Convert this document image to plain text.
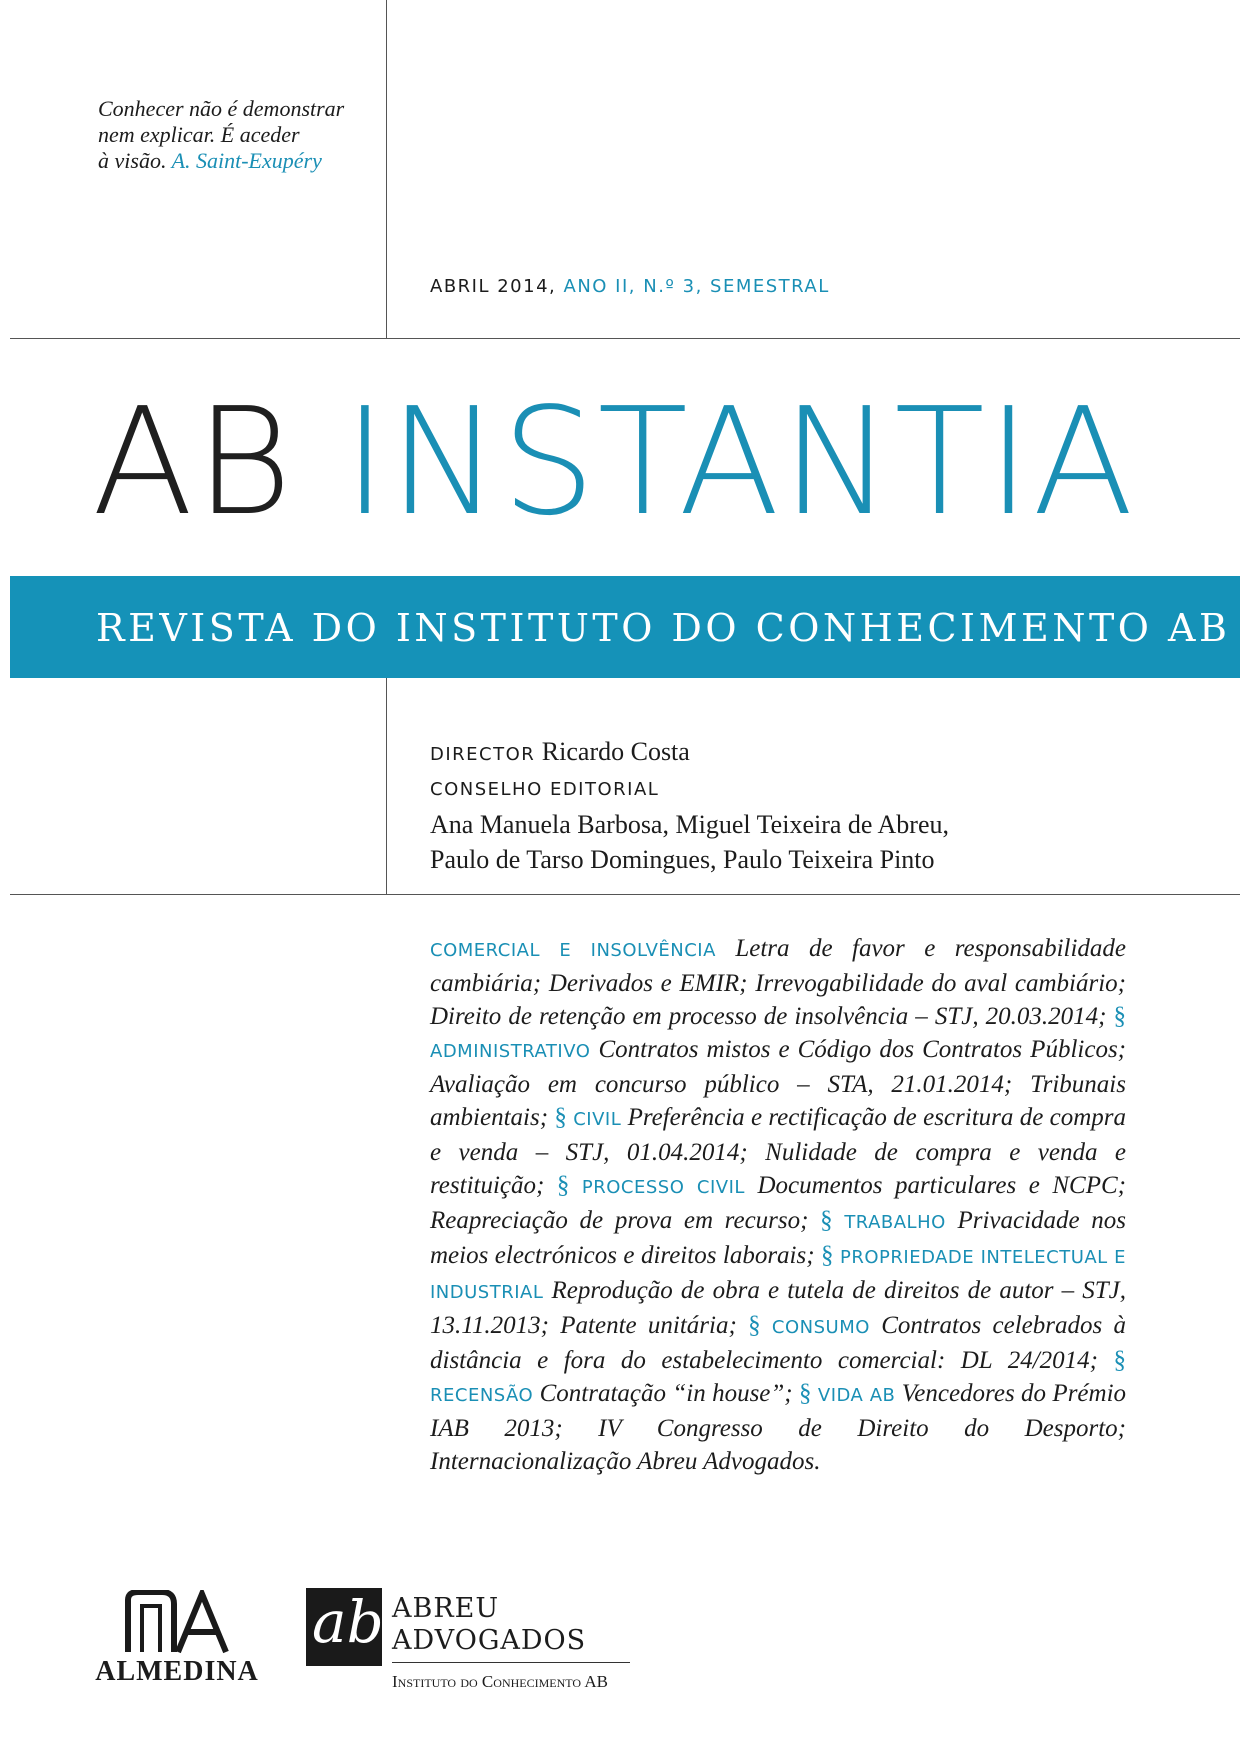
Conhecer não é demonstrar
nem explicar. É aceder
à visão. A. Saint-Exupéry
ABRIL 2014, ANO II, N.º 3, SEMESTRAL
AB INSTANTIA
REVISTA DO INSTITUTO DO CONHECIMENTO AB
DIRECTOR Ricardo Costa
CONSELHO EDITORIAL
Ana Manuela Barbosa, Miguel Teixeira de Abreu,
Paulo de Tarso Domingues, Paulo Teixeira Pinto
COMERCIAL E INSOLVÊNCIA Letra de favor e responsabilidade cambiária; Derivados e EMIR; Irrevogabilidade do aval cambiário; Direito de retenção em processo de insolvência – STJ, 20.03.2014; § ADMINISTRATIVO Contratos mistos e Código dos Contratos Públicos; Avaliação em concurso público – STA, 21.01.2014; Tribunais ambientais; § CIVIL Preferência e rectificação de escritura de compra e venda – STJ, 01.04.2014; Nulidade de compra e venda e restituição; § PROCESSO CIVIL Documentos particulares e NCPC; Reapreciação de prova em recurso; § TRABALHO Privacidade nos meios electrónicos e direitos laborais; § PROPRIEDADE INTELECTUAL E INDUSTRIAL Reprodução de obra e tutela de direitos de autor – STJ, 13.11.2013; Patente unitária; § CONSUMO Contratos celebrados à distância e fora do estabelecimento comercial: DL 24/2014; § RECENSÃO Contratação “in house”; § VIDA AB Vencedores do Prémio IAB 2013; IV Congresso de Direito do Desporto; Internacionalização Abreu Advogados.
ALMEDINA
ab ABREU
ADVOGADOS
Instituto do Conhecimento AB
